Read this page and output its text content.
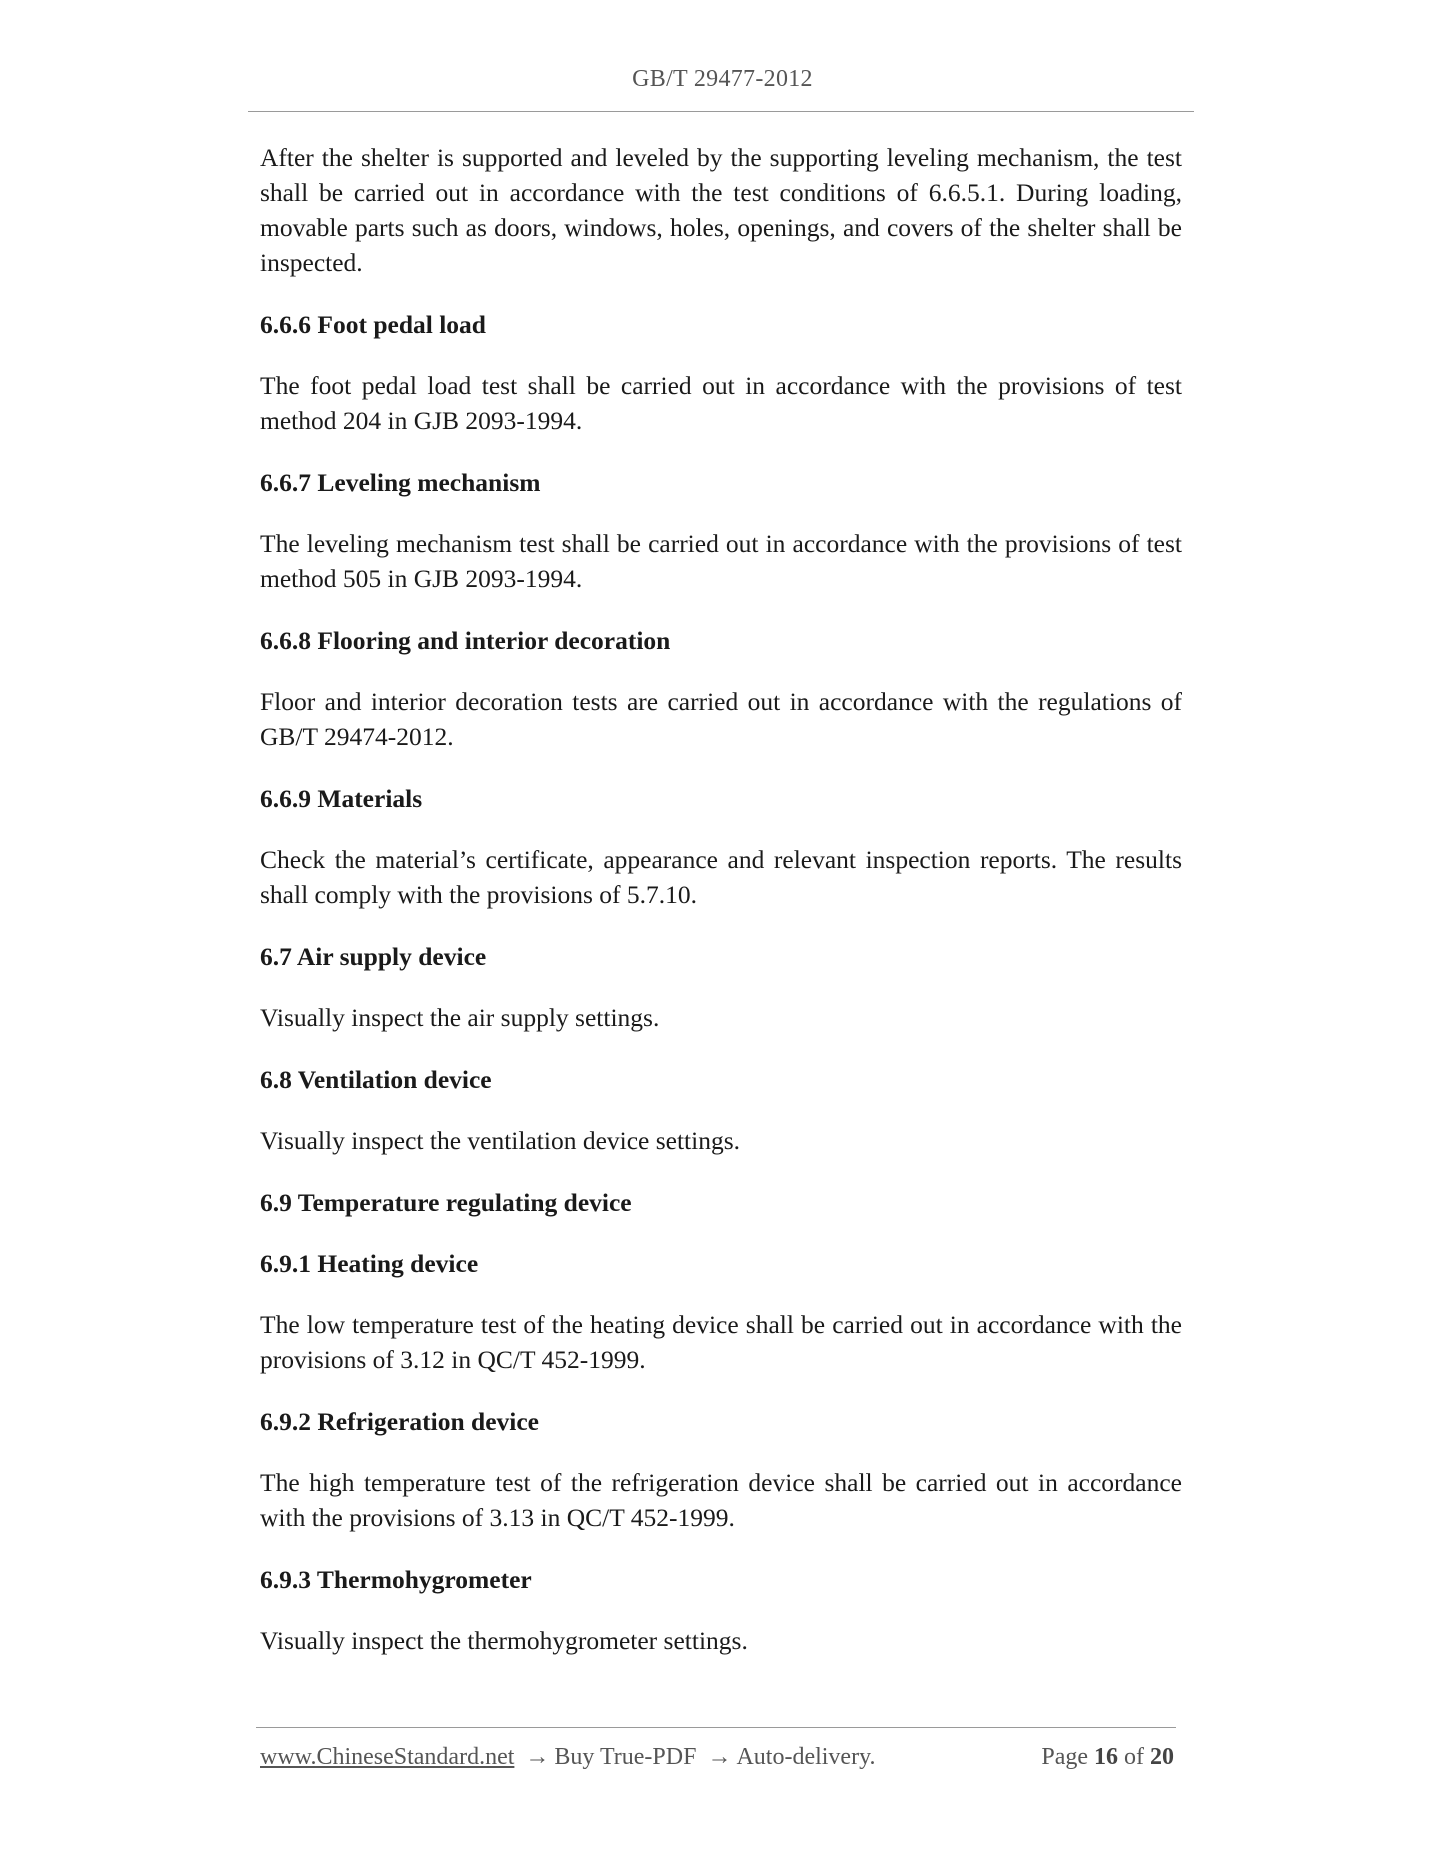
GB/T 29477-2012
After the shelter is supported and leveled by the supporting leveling mechanism, the test shall be carried out in accordance with the test conditions of 6.6.5.1. During loading, movable parts such as doors, windows, holes, openings, and covers of the shelter shall be inspected.
6.6.6 Foot pedal load
The foot pedal load test shall be carried out in accordance with the provisions of test method 204 in GJB 2093-1994.
6.6.7 Leveling mechanism
The leveling mechanism test shall be carried out in accordance with the provisions of test method 505 in GJB 2093-1994.
6.6.8 Flooring and interior decoration
Floor and interior decoration tests are carried out in accordance with the regulations of GB/T 29474-2012.
6.6.9 Materials
Check the material’s certificate, appearance and relevant inspection reports. The results shall comply with the provisions of 5.7.10.
6.7 Air supply device
Visually inspect the air supply settings.
6.8 Ventilation device
Visually inspect the ventilation device settings.
6.9 Temperature regulating device
6.9.1 Heating device
The low temperature test of the heating device shall be carried out in accordance with the provisions of 3.12 in QC/T 452-1999.
6.9.2 Refrigeration device
The high temperature test of the refrigeration device shall be carried out in accordance with the provisions of 3.13 in QC/T 452-1999.
6.9.3 Thermohygrometer
Visually inspect the thermohygrometer settings.
www.ChineseStandard.net → Buy True-PDF → Auto-delivery.	Page 16 of 20
